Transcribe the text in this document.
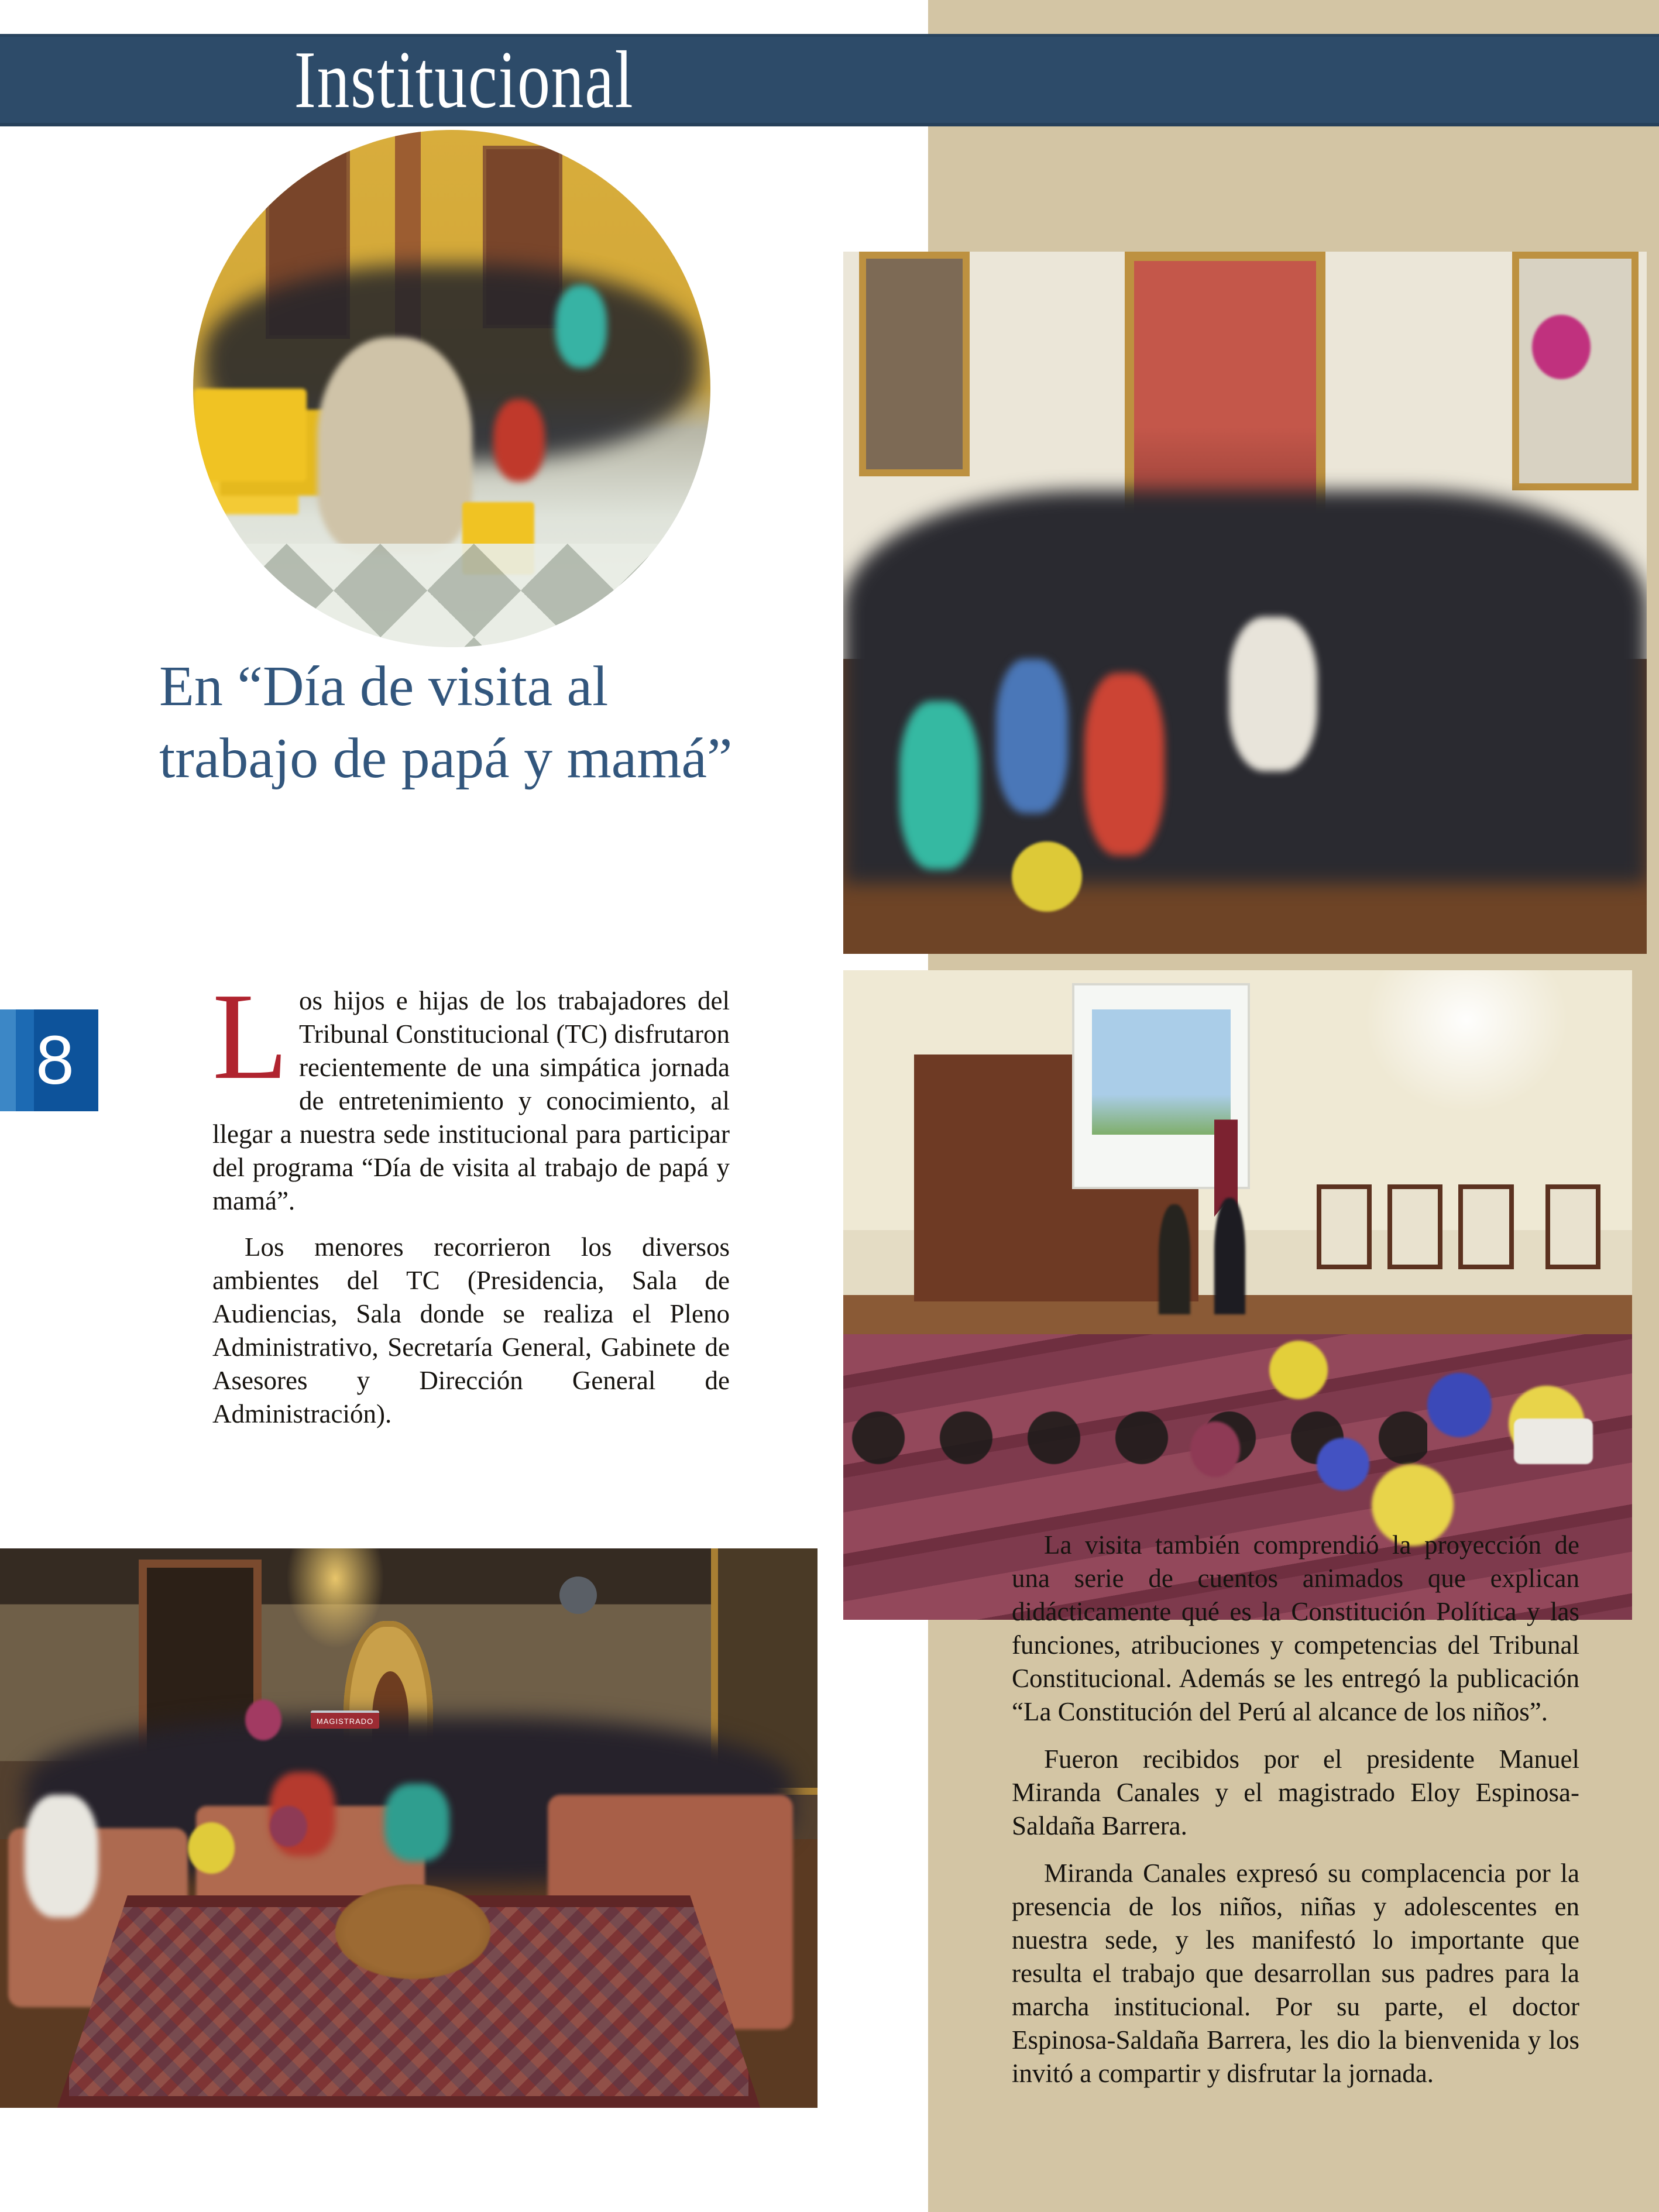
Institucional
8
En “Día de visita al
trabajo de papá y mamá”

Los hijos e hijas de los trabajadores del Tribunal Constitucional (TC) disfrutaron recientemente de una simpática jornada de entretenimiento y conocimiento, al llegar a nuestra sede institucional para participar del programa “Día de visita al trabajo de papá y mamá”.

Los menores recorrieron los diversos ambientes del TC (Presidencia, Sala de Audiencias, Sala donde se realiza el Pleno Administrativo, Secretaría General, Gabinete de Asesores y Dirección General de Administración).

MAGISTRADO

La visita también comprendió la proyección de una serie de cuentos animados que explican didácticamente qué es la Constitución Política y las funciones, atribuciones y competencias del Tribunal Constitucional. Además se les entregó la publicación “La Constitución del Perú al alcance de los niños”.

Fueron recibidos por el presidente Manuel Miranda Canales y el magistrado Eloy Espinosa-Saldaña Barrera.

Miranda Canales expresó su complacencia por la presencia de los niños, niñas y adolescentes en nuestra sede, y les manifestó lo importante que resulta el trabajo que desarrollan sus padres para la marcha institucional. Por su parte, el doctor Espinosa-Saldaña Barrera, les dio la bienvenida y los invitó a compartir y disfrutar la jornada.
